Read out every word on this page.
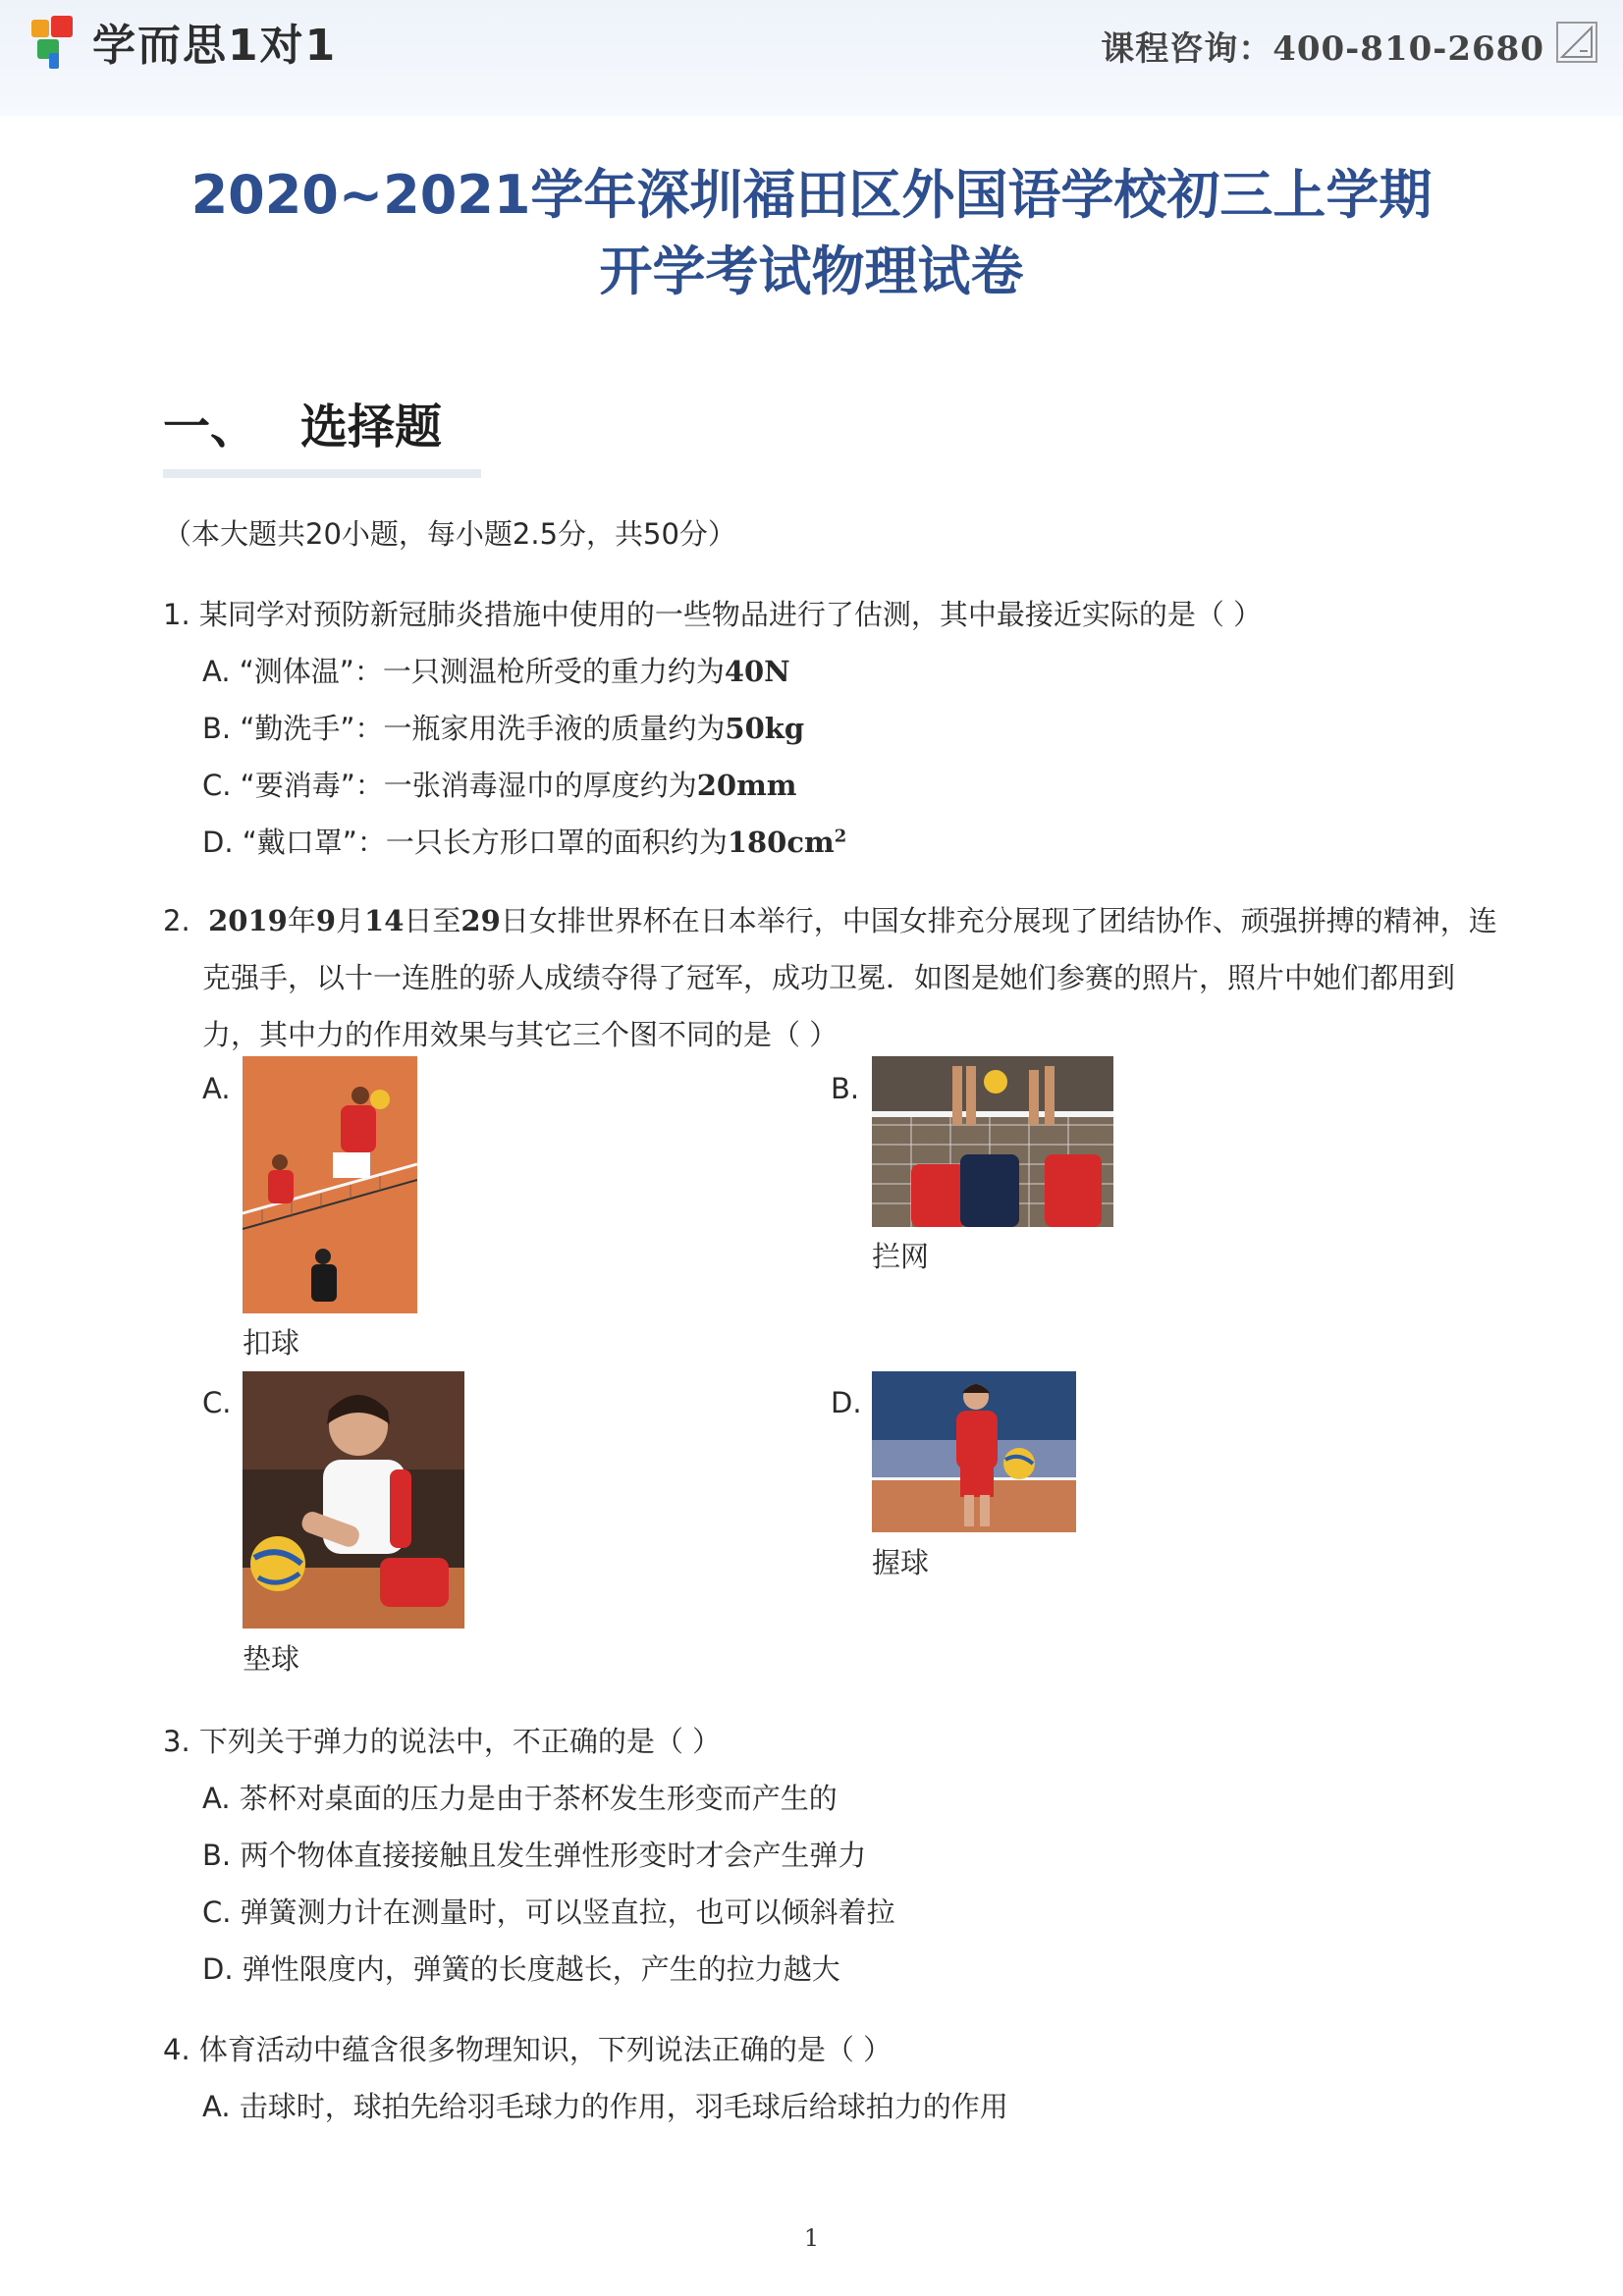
学而思1对1	课程咨询：400-810-2680
2020~2021学年深圳福田区外国语学校初三上学期
开学考试物理试卷
一、 选择题
（本大题共20小题，每小题2.5分，共50分）
1. 某同学对预防新冠肺炎措施中使用的一些物品进行了估测，其中最接近实际的是（ ）
A. “测体温”：一只测温枪所受的重力约为40N
B. “勤洗手”：一瓶家用洗手液的质量约为50kg
C. “要消毒”：一张消毒湿巾的厚度约为20mm
D. “戴口罩”：一只长方形口罩的面积约为$180cm^2$
2. 2019年9月14日至29日女排世界杯在日本举行，中国女排充分展现了团结协作、顽强拼搏的精神，连
克强手，以十一连胜的骄人成绩夺得了冠军，成功卫冕．如图是她们参赛的照片，照片中她们都用到
力，其中力的作用效果与其它三个图不同的是（ ）
A.
扣球
B.
拦网
C.
垫球
D.
握球
3. 下列关于弹力的说法中，不正确的是（ ）
A. 茶杯对桌面的压力是由于茶杯发生形变而产生的
B. 两个物体直接接触且发生弹性形变时才会产生弹力
C. 弹簧测力计在测量时，可以竖直拉，也可以倾斜着拉
D. 弹性限度内，弹簧的长度越长，产生的拉力越大
4. 体育活动中蕴含很多物理知识，下列说法正确的是（ ）
A. 击球时，球拍先给羽毛球力的作用，羽毛球后给球拍力的作用
1
